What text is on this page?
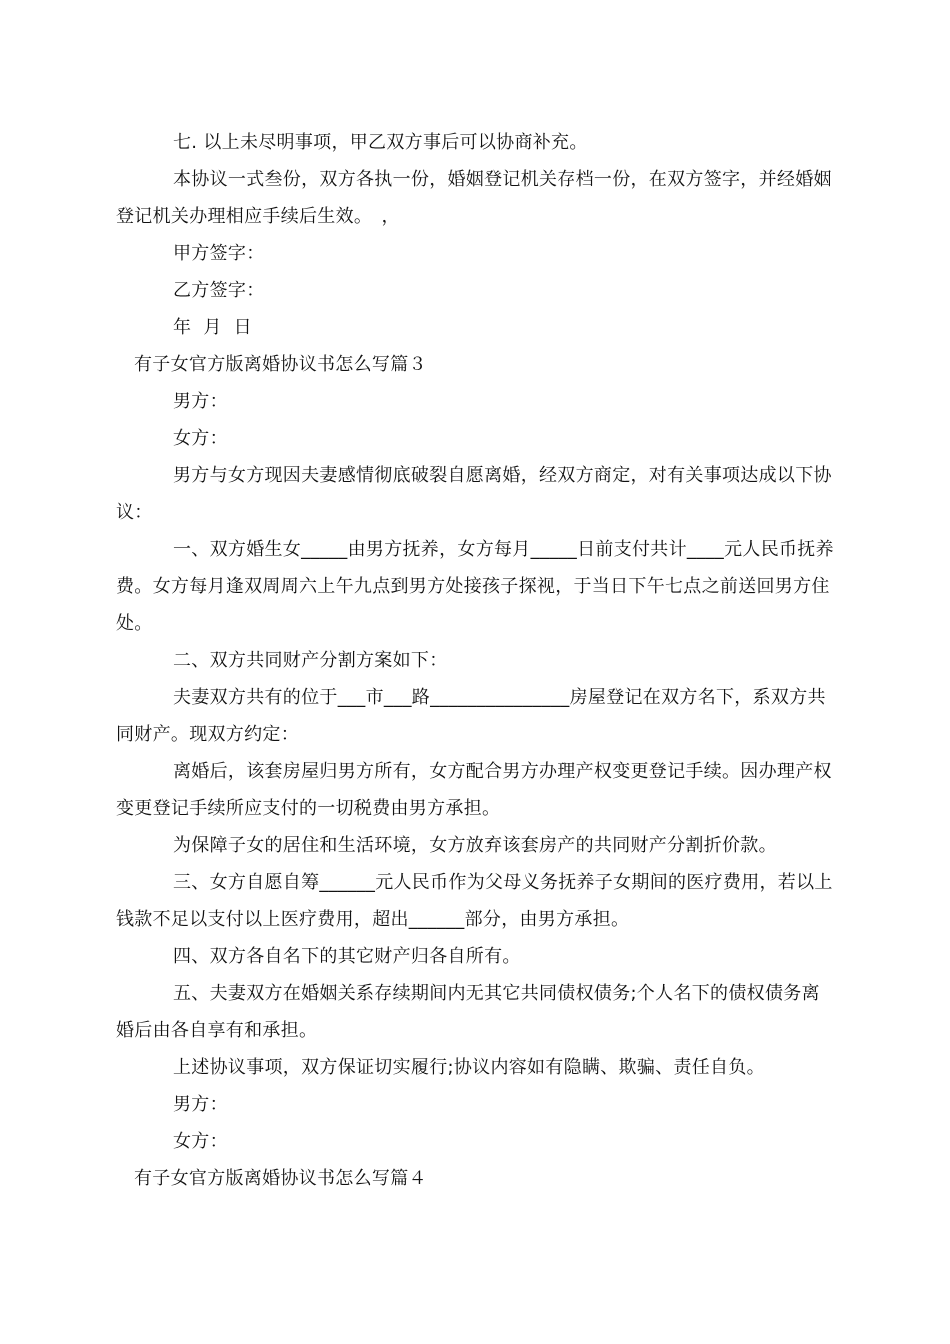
七. 以上未尽明事项，甲乙双方事后可以协商补充。

本协议一式叁份，双方各执一份，婚姻登记机关存档一份，在双方签字，并经婚姻登记机关办理相应手续后生效。　，

甲方签字：

乙方签字：

年  月  日

有子女官方版离婚协议书怎么写篇３

男方：

女方：

男方与女方现因夫妻感情彻底破裂自愿离婚，经双方商定，对有关事项达成以下协议：

一、双方婚生女_____由男方抚养，女方每月_____日前支付共计____元人民币抚养费。女方每月逢双周周六上午九点到男方处接孩子探视，于当日下午七点之前送回男方住处。

二、双方共同财产分割方案如下：

夫妻双方共有的位于___市___路_______________房屋登记在双方名下，系双方共同财产。现双方约定：

离婚后，该套房屋归男方所有，女方配合男方办理产权变更登记手续。因办理产权变更登记手续所应支付的一切税费由男方承担。

为保障子女的居住和生活环境，女方放弃该套房产的共同财产分割折价款。

三、女方自愿自筹______元人民币作为父母义务抚养子女期间的医疗费用，若以上钱款不足以支付以上医疗费用，超出______部分，由男方承担。

四、双方各自名下的其它财产归各自所有。

五、夫妻双方在婚姻关系存续期间内无其它共同债权债务;个人名下的债权债务离婚后由各自享有和承担。

上述协议事项，双方保证切实履行;协议内容如有隐瞒、欺骗、责任自负。

男方：

女方：

有子女官方版离婚协议书怎么写篇４
